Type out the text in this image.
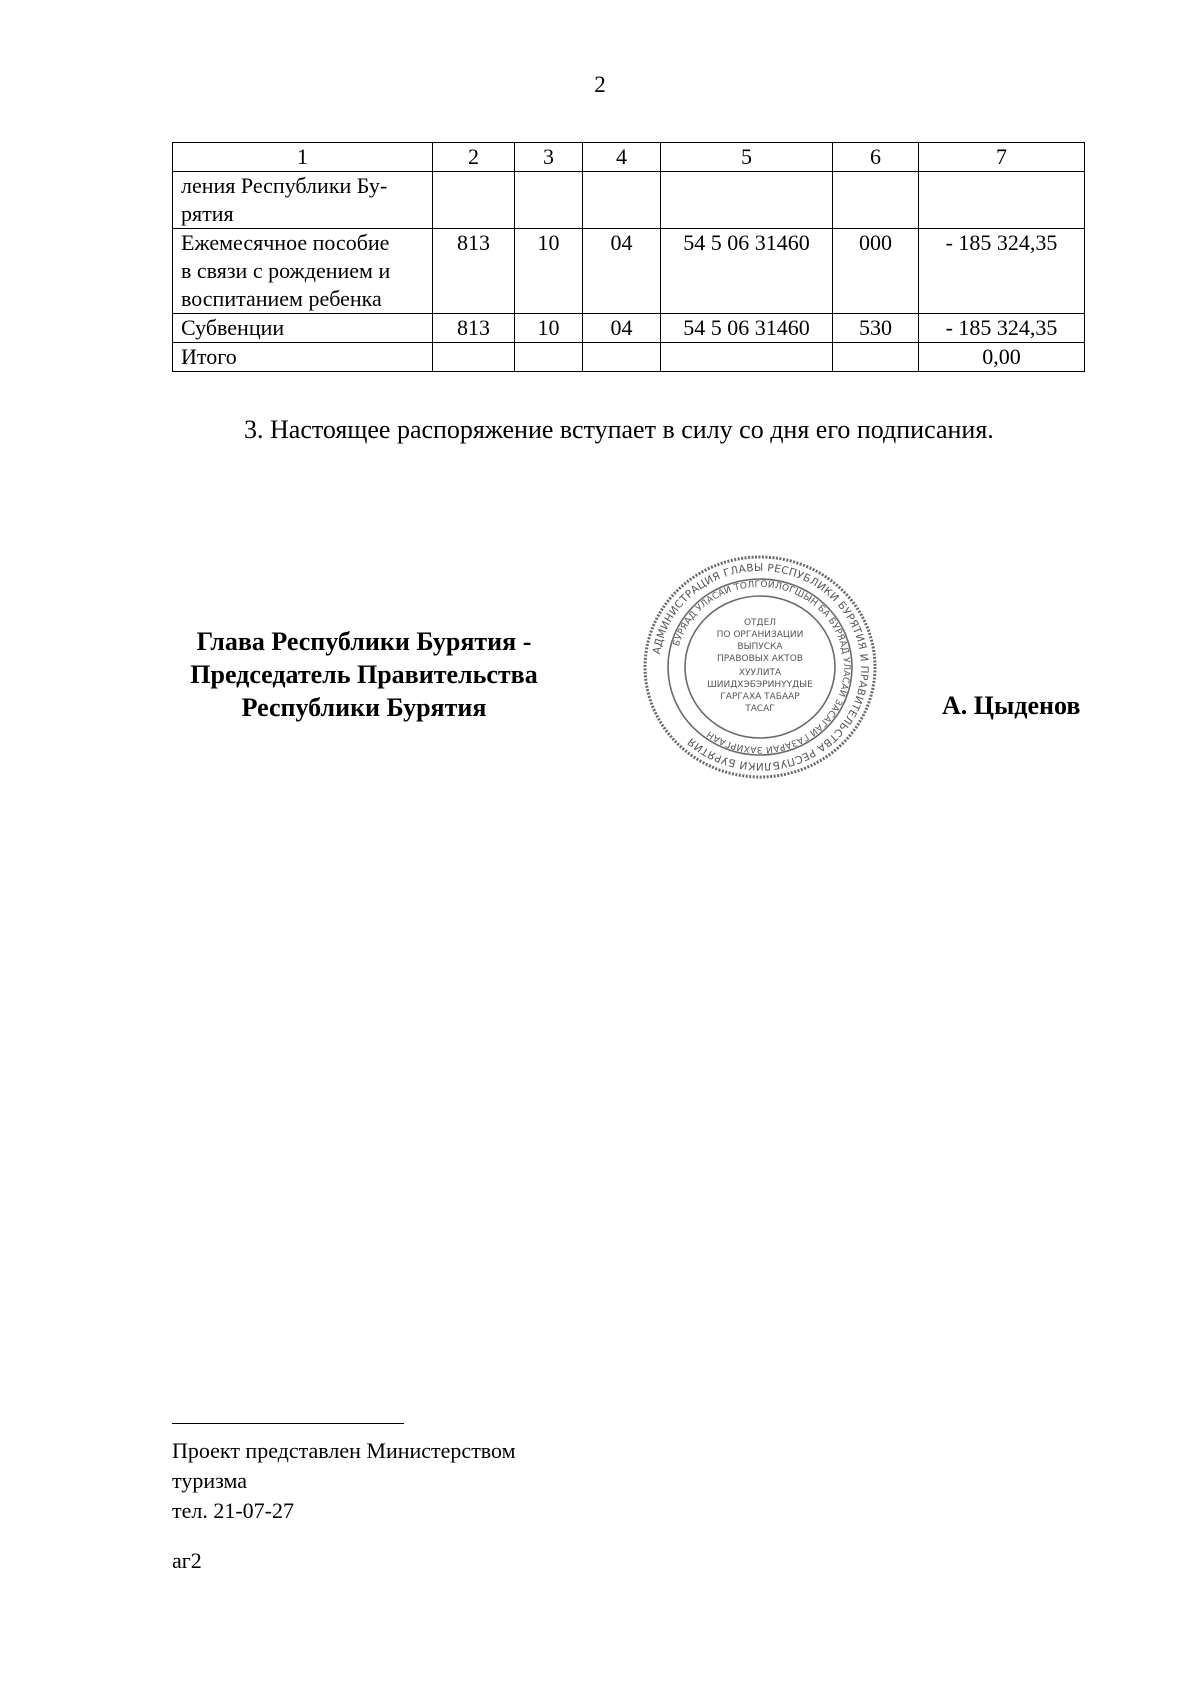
2
1	2	3	4	5	6	7

ления Республики Бу-
рятия						

Ежемесячное пособие
в связи с рождением и
воспитанием ребенка	813	10	04	54 5 06 31460	000	- 185 324,35

Субвенции	813	10	04	54 5 06 31460	530	- 185 324,35

Итого						0,00
3. Настоящее распоряжение вступает в силу со дня его подписания.
Глава Республики Бурятия -
Председатель Правительства
Республики Бурятия
АДМИНИСТРАЦИЯ ГЛАВЫ РЕСПУБЛИКИ БУРЯТИЯ И ПРАВИТЕЛЬСТВА РЕСПУБЛИКИ БУРЯТИЯ
БУРЯАД УЛАСАЙ ТОЛГОЙЛОГШЫН БА БУРЯАД УЛАСАЙ ЗАСАГАЙ ГАЗАРАЙ ЗАХИРГААН
ОТДЕЛ
ПО ОРГАНИЗАЦИИ
ВЫПУСКА
ПРАВОВЫХ АКТОВ
ХУУЛИТА
ШИИДХЭБЭРИНҮҮДЫЕ
ГАРГАХА ТАБААР
ТАСАГ	А. Цыденов
Проект представлен Министерством
туризма
тел. 21-07-27
аг2
